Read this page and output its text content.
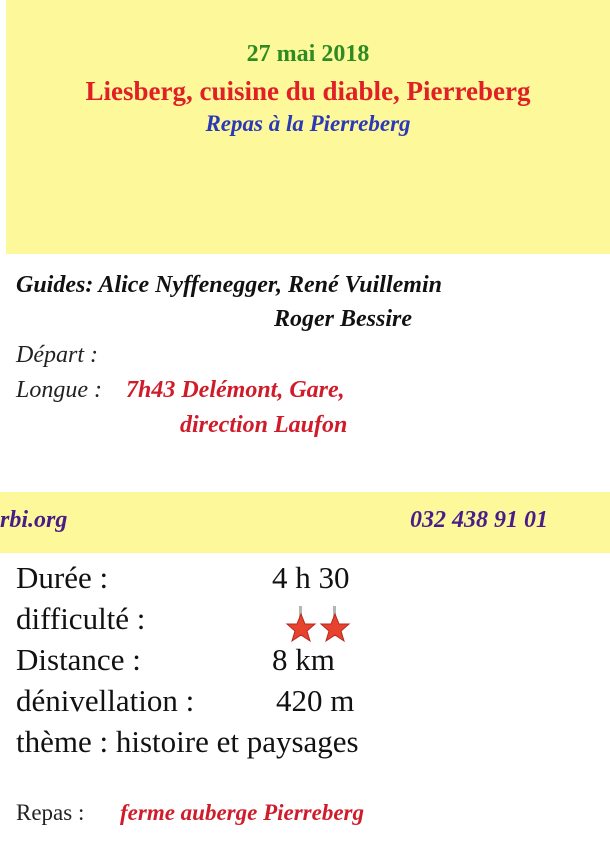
27 mai 2018
Liesberg, cuisine du diable, Pierreberg
Repas à la Pierreberg
Guides: Alice Nyffenegger, René Vuillemin
Roger Bessire
Départ :
Longue : 7h43 Delémont, Gare,
direction Laufon
rbi.org	032 438 91 01
Durée :	4 h 30
difficulté :
Distance :	8 km
dénivellation :	420 m
thème : histoire et paysages
Repas : ferme auberge Pierreberg
